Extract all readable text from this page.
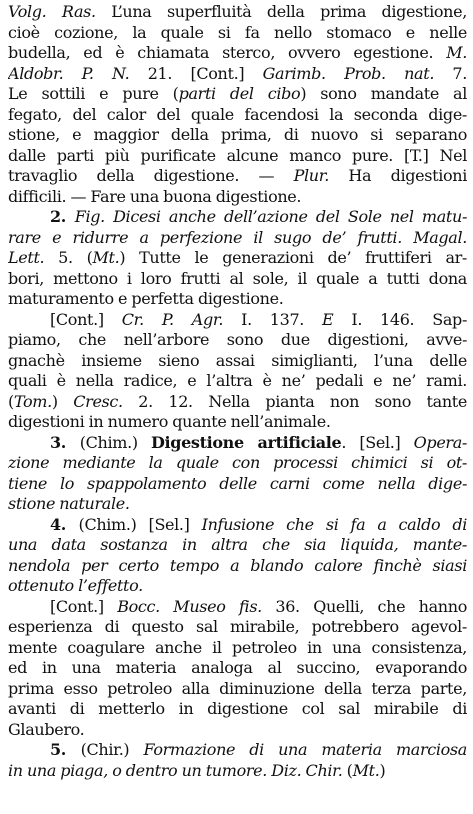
Volg. Ras. L’una superfluità della prima digestione,
cioè cozione, la quale si fa nello stomaco e nelle
budella, ed è chiamata sterco, ovvero egestione. M.
Aldobr. P. N. 21. [Cont.] Garimb. Prob. nat. 7.
Le sottili e pure (parti del cibo) sono mandate al
fegato, del calor del quale facendosi la seconda dige-
stione, e maggior della prima, di nuovo si separano
dalle parti più purificate alcune manco pure. [T.] Nel
travaglio della digestione. — Plur. Ha digestioni
difficili. — Fare una buona digestione.
2. Fig. Dicesi anche dell’azione del Sole nel matu-
rare e ridurre a perfezione il sugo de’ frutti. Magal.
Lett. 5. (Mt.) Tutte le generazioni de’ fruttiferi ar-
bori, mettono i loro frutti al sole, il quale a tutti dona
maturamento e perfetta digestione.
[Cont.] Cr. P. Agr. I. 137. E I. 146. Sap-
piamo, che nell’arbore sono due digestioni, avve-
gnachè insieme sieno assai simiglianti, l’una delle
quali è nella radice, e l’altra è ne’ pedali e ne’ rami.
(Tom.) Cresc. 2. 12. Nella pianta non sono tante
digestioni in numero quante nell’animale.
3. (Chim.) Digestione artificiale. [Sel.] Opera-
zione mediante la quale con processi chimici si ot-
tiene lo spappolamento delle carni come nella dige-
stione naturale.
4. (Chim.) [Sel.] Infusione che si fa a caldo di
una data sostanza in altra che sia liquida, mante-
nendola per certo tempo a blando calore finchè siasi
ottenuto l’effetto.
[Cont.] Bocc. Museo fis. 36. Quelli, che hanno
esperienza di questo sal mirabile, potrebbero agevol-
mente coagulare anche il petroleo in una consistenza,
ed in una materia analoga al succino, evaporando
prima esso petroleo alla diminuzione della terza parte,
avanti di metterlo in digestione col sal mirabile di
Glaubero.
5. (Chir.) Formazione di una materia marciosa
in una piaga, o dentro un tumore. Diz. Chir. (Mt.)
